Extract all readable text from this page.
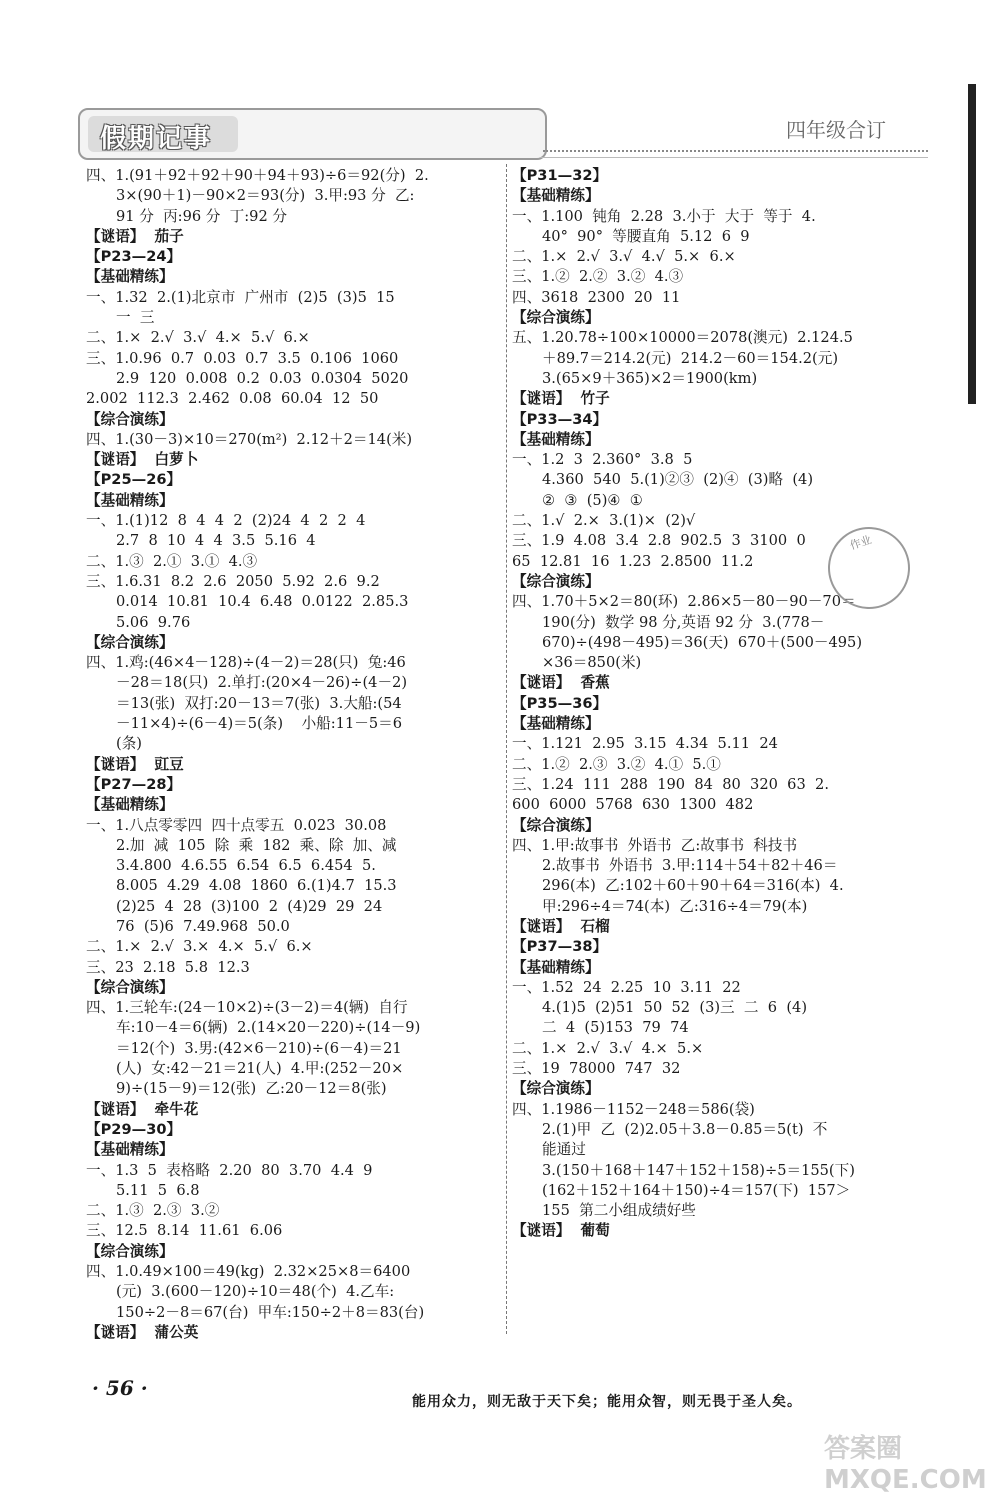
假期记事	四年级合订
四、1.(91＋92＋92＋90＋94＋93)÷6＝92(分)  2.
3×(90＋1)－90×2＝93(分)  3.甲:93 分  乙:
91 分  丙:96 分  丁:92 分
【谜语】  茄子
【P23—24】
【基础精练】
一、1.32  2.(1)北京市  广州市  (2)5  (3)5  15
一  三
二、1.×  2.√  3.√  4.×  5.√  6.×
三、1.0.96  0.7  0.03  0.7  3.5  0.106  1060
2.9  120  0.008  0.2  0.03  0.0304  5020
2.002  112.3  2.462  0.08  60.04  12  50
【综合演练】
四、1.(30－3)×10＝270(m²)  2.12＋2＝14(米)
【谜语】  白萝卜
【P25—26】
【基础精练】
一、1.(1)12  8  4  4  2  (2)24  4  2  2  4
2.7  8  10  4  4  3.5  5.16  4
二、1.③  2.①  3.①  4.③
三、1.6.31  8.2  2.6  2050  5.92  2.6  9.2
0.014  10.81  10.4  6.48  0.0122  2.85.3
5.06  9.76
【综合演练】
四、1.鸡:(46×4－128)÷(4－2)＝28(只)  兔:46
－28＝18(只)  2.单打:(20×4－26)÷(4－2)
＝13(张)  双打:20－13＝7(张)  3.大船:(54
－11×4)÷(6－4)＝5(条)    小船:11－5＝6
(条)
【谜语】  豇豆
【P27—28】
【基础精练】
一、1.八点零零四  四十点零五  0.023  30.08
2.加  减  105  除  乘  182  乘、除  加、减
3.4.800  4.6.55  6.54  6.5  6.454  5.
8.005  4.29  4.08  1860  6.(1)4.7  15.3
(2)25  4  28  (3)100  2  (4)29  29  24
76  (5)6  7.49.968  50.0
二、1.×  2.√  3.×  4.×  5.√  6.×
三、23  2.18  5.8  12.3
【综合演练】
四、1.三轮车:(24－10×2)÷(3－2)＝4(辆)  自行
车:10－4＝6(辆)  2.(14×20－220)÷(14－9)
＝12(个)  3.男:(42×6－210)÷(6－4)＝21
(人)  女:42－21＝21(人)  4.甲:(252－20×
9)÷(15－9)＝12(张)  乙:20－12＝8(张)
【谜语】  牵牛花
【P29—30】
【基础精练】
一、1.3  5  表格略  2.20  80  3.70  4.4  9
5.11  5  6.8
二、1.③  2.③  3.②
三、12.5  8.14  11.61  6.06
【综合演练】
四、1.0.49×100＝49(kg)  2.32×25×8＝6400
(元)  3.(600－120)÷10＝48(个)  4.乙车:
150÷2－8＝67(台)  甲车:150÷2＋8＝83(台)
【谜语】  蒲公英
【P31—32】
【基础精练】
一、1.100  钝角  2.28  3.小于  大于  等于  4.
40°  90°  等腰直角  5.12  6  9
二、1.×  2.√  3.√  4.√  5.×  6.×
三、1.②  2.②  3.②  4.③
四、3618  2300  20  11
【综合演练】
五、1.20.78÷100×10000＝2078(澳元)  2.124.5
＋89.7＝214.2(元)  214.2－60＝154.2(元)
3.(65×9＋365)×2＝1900(km)
【谜语】  竹子
【P33—34】
【基础精练】
一、1.2  3  2.360°  3.8  5
4.360  540  5.(1)②③  (2)④  (3)略  (4)
②  ③  (5)④  ①
二、1.√  2.×  3.(1)×  (2)√
三、1.9  4.08  3.4  2.8  902.5  3  3100  0
65  12.81  16  1.23  2.8500  11.2
【综合演练】
四、1.70＋5×2＝80(环)  2.86×5－80－90－70＝
190(分)  数学 98 分,英语 92 分  3.(778－
670)÷(498－495)＝36(天)  670＋(500－495)
×36＝850(米)
【谜语】  香蕉
【P35—36】
【基础精练】
一、1.121  2.95  3.15  4.34  5.11  24
二、1.②  2.③  3.②  4.①  5.①
三、1.24  111  288  190  84  80  320  63  2.
600  6000  5768  630  1300  482
【综合演练】
四、1.甲:故事书  外语书  乙:故事书  科技书
2.故事书  外语书  3.甲:114＋54＋82＋46＝
296(本)  乙:102＋60＋90＋64＝316(本)  4.
甲:296÷4＝74(本)  乙:316÷4＝79(本)
【谜语】  石榴
【P37—38】
【基础精练】
一、1.52  24  2.25  10  3.11  22
4.(1)5  (2)51  50  52  (3)三  二  6  (4)
二  4  (5)153  79  74
二、1.×  2.√  3.√  4.×  5.×
三、19  78000  747  32
【综合演练】
四、1.1986－1152－248＝586(袋)
2.(1)甲  乙  (2)2.05＋3.8－0.85＝5(t)  不
能通过
3.(150＋168＋147＋152＋158)÷5＝155(下)
(162＋152＋164＋150)÷4＝157(下)  157＞
155  第二小组成绩好些
【谜语】  葡萄
作业
· 56 ·
能用众力，则无敌于天下矣；能用众智，则无畏于圣人矣。
答案圈 MXQE.COM
